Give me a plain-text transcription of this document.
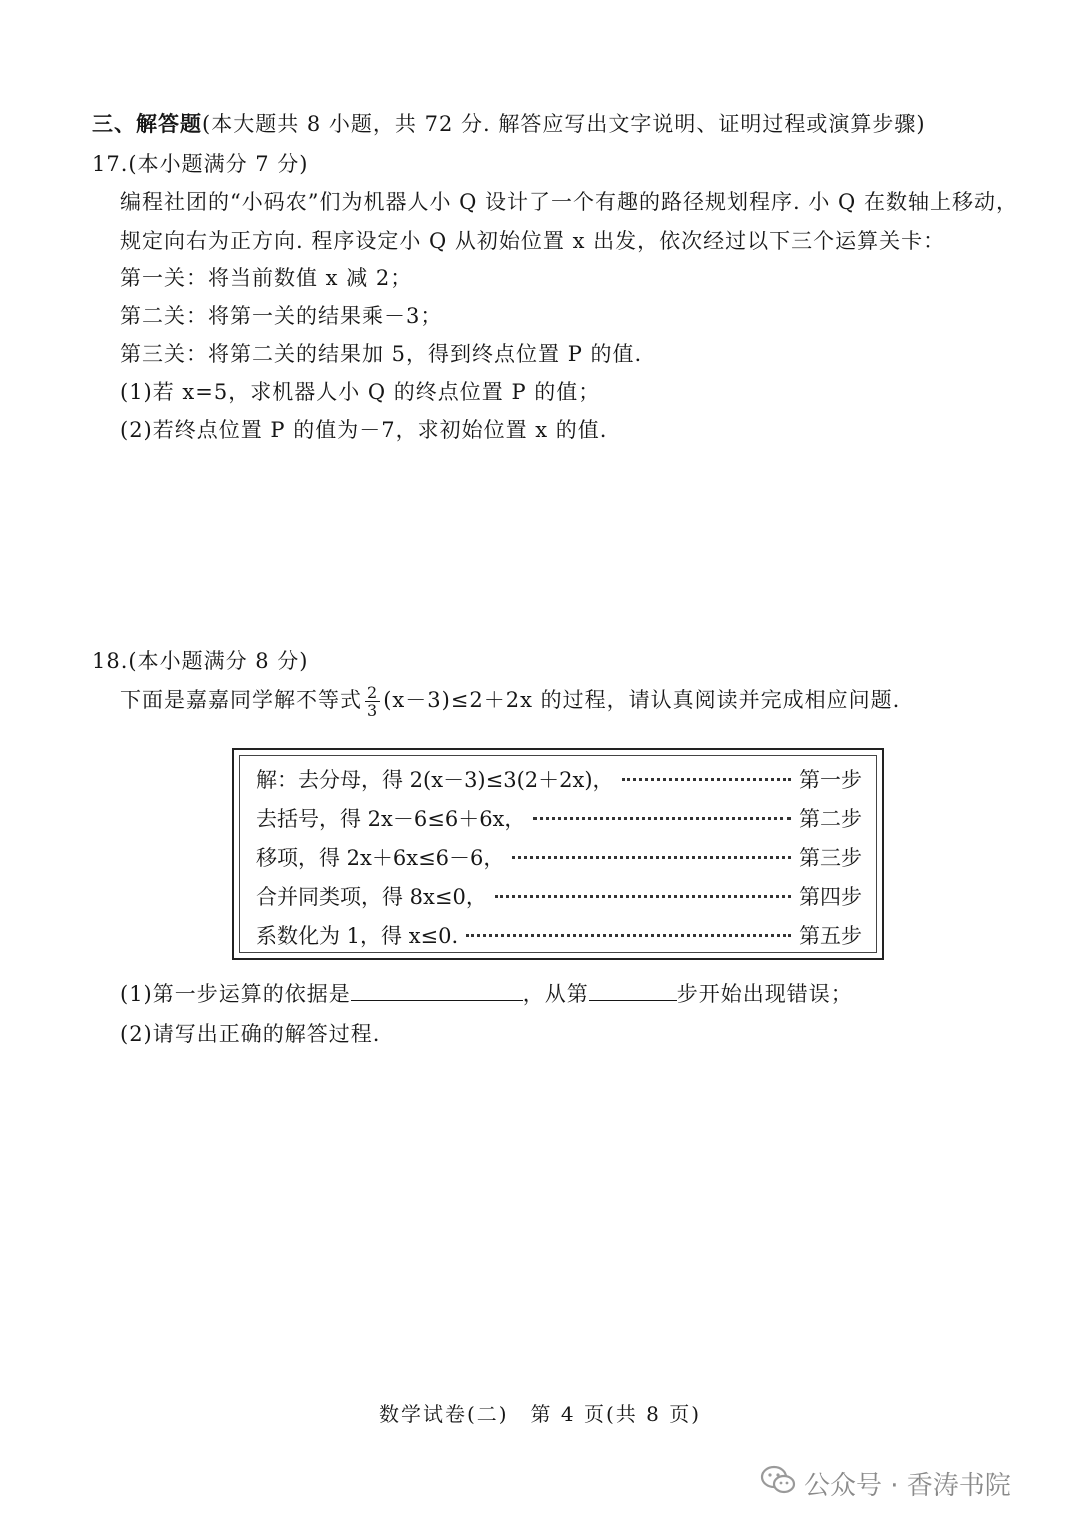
三、解答题(本大题共 8 小题，共 72 分. 解答应写出文字说明、证明过程或演算步骤)
17.(本小题满分 7 分)
编程社团的“小码农”们为机器人小 Q 设计了一个有趣的路径规划程序. 小 Q 在数轴上移动，
规定向右为正方向. 程序设定小 Q 从初始位置 x 出发，依次经过以下三个运算关卡：
第一关：将当前数值 x 减 2；
第二关：将第一关的结果乘－3；
第三关：将第二关的结果加 5，得到终点位置 P 的值.
(1)若 x=5，求机器人小 Q 的终点位置 P 的值；
(2)若终点位置 P 的值为－7，求初始位置 x 的值.
18.(本小题满分 8 分)
下面是嘉嘉同学解不等式 $\frac{2}{3} (x-3)\le 2+2x$ 的过程，请认真阅读并完成相应问题.
解：去分母，得 2(x－3)≤3(2＋2x)，	第一步
去括号，得 2x－6≤6＋6x，	第二步
移项，得 2x＋6x≤6－6，	第三步
合并同类项，得 8x≤0，	第四步
系数化为 1，得 x≤0.	第五步
(1)第一步运算的依据是	，从第	步开始出现错误；
(2)请写出正确的解答过程.
数学试卷(二)　第 4 页(共 8 页)
公众号 · 香涛书院
